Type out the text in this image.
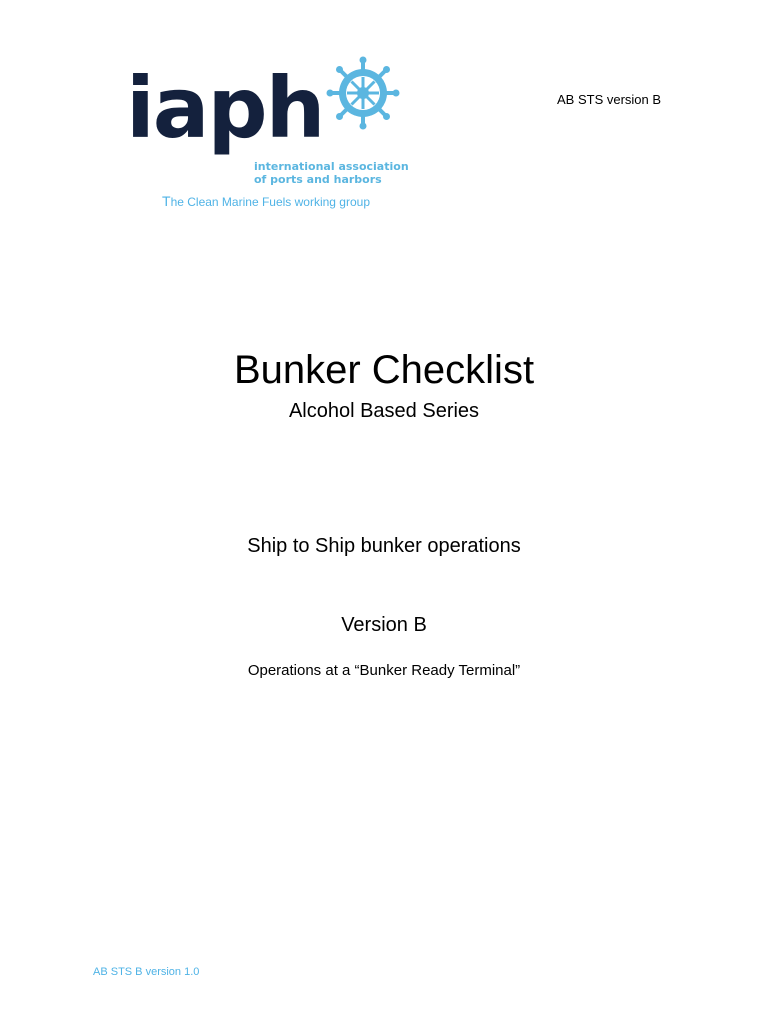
iaph
international association
of ports and harbors
The Clean Marine Fuels working group
AB STS version B
Bunker Checklist
Alcohol Based Series
Ship to Ship bunker operations
Version B
Operations at a “Bunker Ready Terminal”
AB STS B version 1.0
